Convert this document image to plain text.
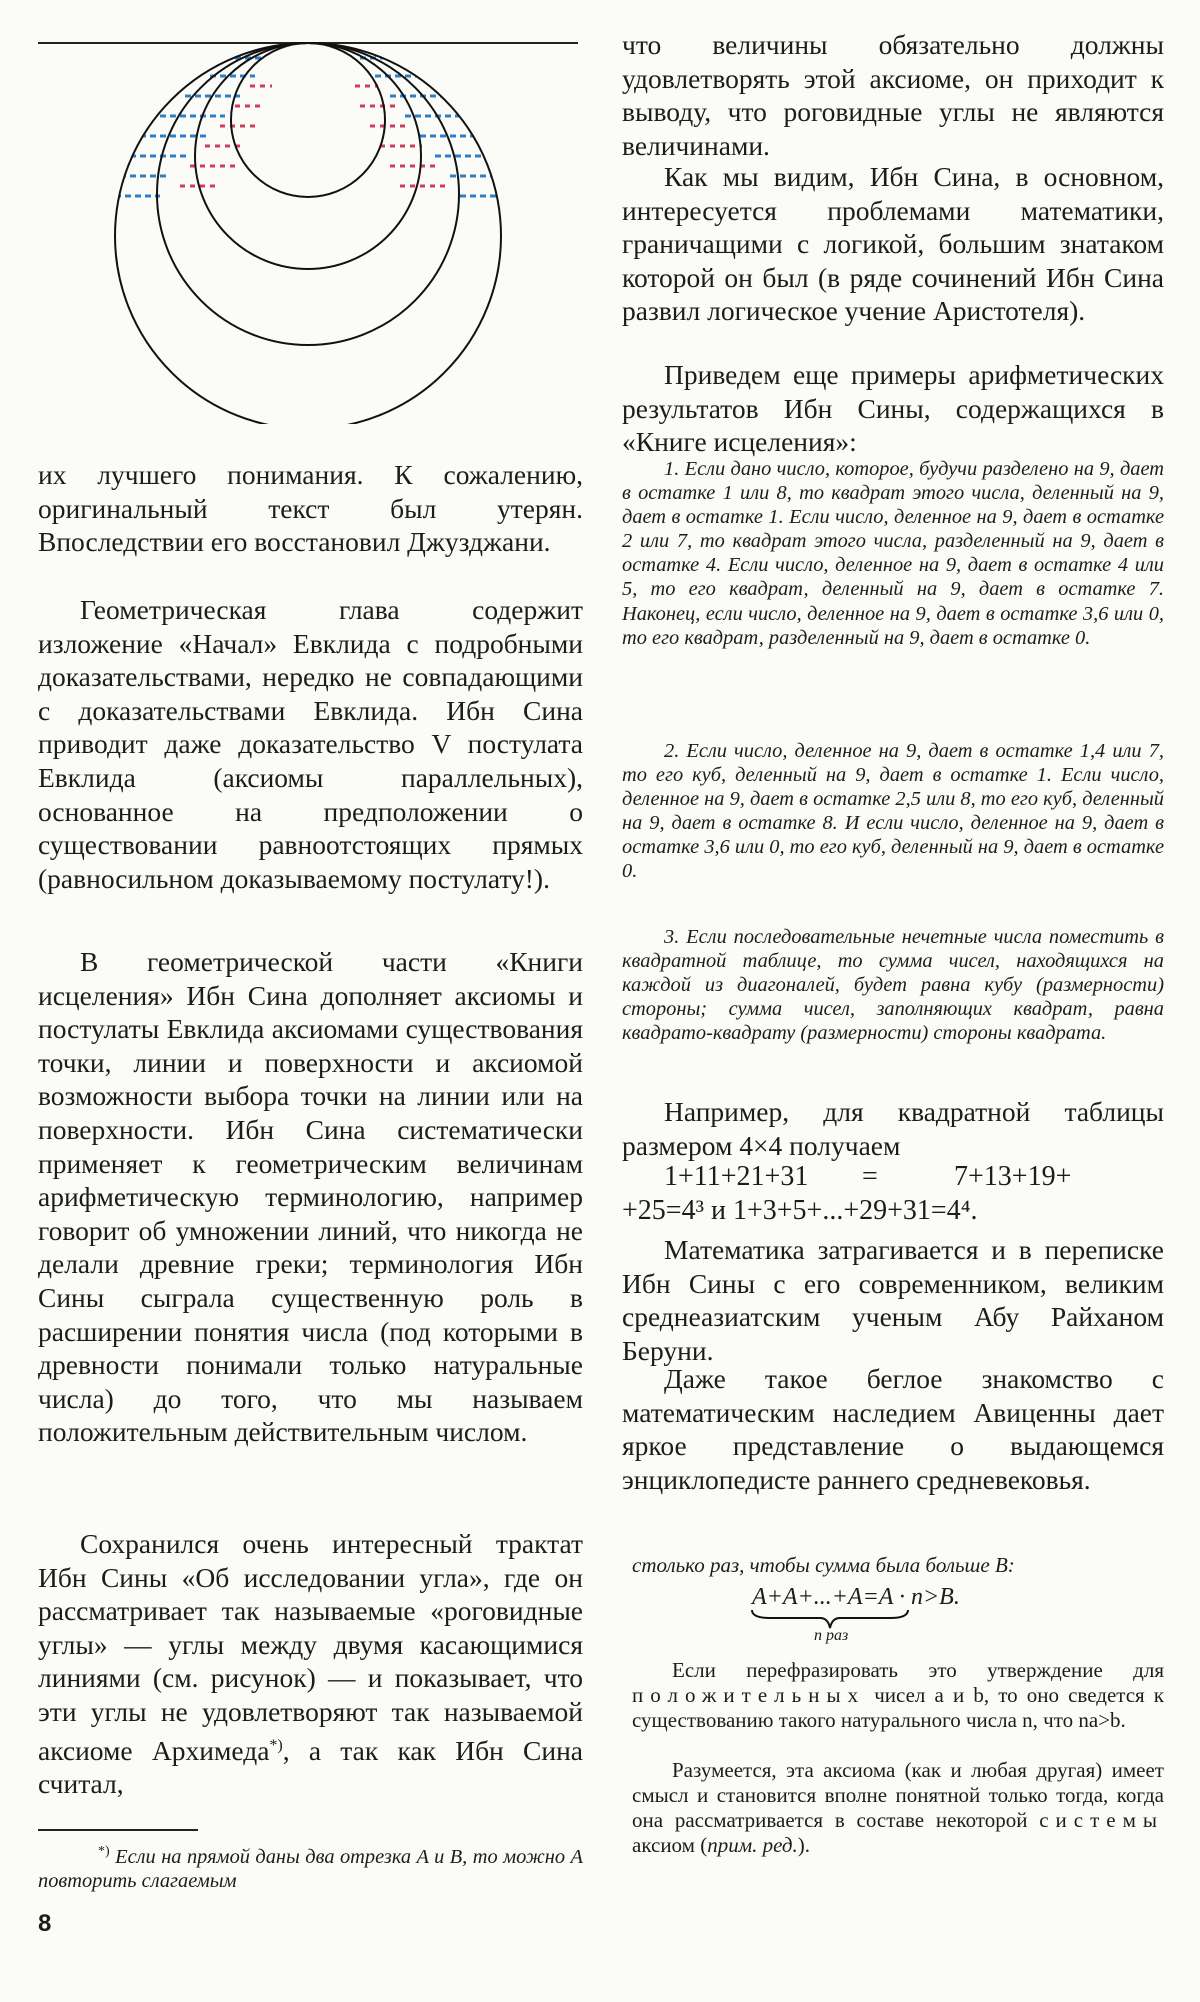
их лучшего понимания. К сожалению, оригинальный текст был утерян. Впоследствии его восстановил Джузджани.

Геометрическая глава содержит изложение «Начал» Евклида с подробными доказательствами, нередко не совпадающими с доказательствами Евклида. Ибн Сина приводит даже доказательство V постулата Евклида (аксиомы параллельных), основанное на предположении о существовании равноотстоящих прямых (равносильном доказываемому постулату!).

В геометрической части «Книги исцеления» Ибн Сина дополняет аксиомы и постулаты Евклида аксиомами существования точки, линии и поверхности и аксиомой возможности выбора точки на линии или на поверхности. Ибн Сина систематически применяет к геометрическим величинам арифметическую терминологию, например говорит об умножении линий, что никогда не делали древние греки; терминология Ибн Сины сыграла существенную роль в расширении понятия числа (под которыми в древности понимали только натуральные числа) до того, что мы называем положительным действительным числом.

Сохранился очень интересный трактат Ибн Сины «Об исследовании угла», где он рассматривает так называемые «роговидные углы» — углы между двумя касающимися линиями (см. рисунок) — и показывает, что эти углы не удовлетворяют так называемой аксиоме Архимеда*), а так как Ибн Сина считал,

*) Если на прямой даны два отрезка A и B, то можно A повторить слагаемым

что величины обязательно должны удовлетворять этой аксиоме, он приходит к выводу, что роговидные углы не являются величинами.

Как мы видим, Ибн Сина, в основном, интересуется проблемами математики, граничащими с логикой, большим знатаком которой он был (в ряде сочинений Ибн Сина развил логическое учение Аристотеля).

Приведем еще примеры арифметических результатов Ибн Сины, содержащихся в «Книге исцеления»:

1. Если дано число, которое, будучи разделено на 9, дает в остатке 1 или 8, то квадрат этого числа, деленный на 9, дает в остатке 1. Если число, деленное на 9, дает в остатке 2 или 7, то квадрат этого числа, разделенный на 9, дает в остатке 4. Если число, деленное на 9, дает в остатке 4 или 5, то его квадрат, деленный на 9, дает в остатке 7. Наконец, если число, деленное на 9, дает в остатке 3,6 или 0, то его квадрат, разделенный на 9, дает в остатке 0.

2. Если число, деленное на 9, дает в остатке 1,4 или 7, то его куб, деленный на 9, дает в остатке 1. Если число, деленное на 9, дает в остатке 2,5 или 8, то его куб, деленный на 9, дает в остатке 8. И если число, деленное на 9, дает в остатке 3,6 или 0, то его куб, деленный на 9, дает в остатке 0.

3. Если последовательные нечетные числа поместить в квадратной таблице, то сумма чисел, находящихся на каждой из диагоналей, будет равна кубу (размерности) стороны; сумма чисел, заполняющих квадрат, равна квадрато-квадрату (размерности) стороны квадрата.

Например, для квадратной таблицы размером 4×4 получаем

1+11+21+31 =	7+13+19+
+25=4³ и 1+3+5+...+29+31=4⁴.

Математика затрагивается и в переписке Ибн Сины с его современником, великим среднеазиатским ученым Абу Райханом Беруни.

Даже такое беглое знакомство с математическим наследием Авиценны дает яркое представление о выдающемся энциклопедисте раннего средневековья.

столько раз, чтобы сумма была больше B:

A+A+...+A=A · n>B.
n раз

Если перефразировать это утверждение для положительных чисел a и b, то оно сведется к существованию такого натурального числа n, что na>b.

Разумеется, эта аксиома (как и любая другая) имеет смысл и становится вполне понятной только тогда, когда она рассматривается в составе некоторой системы аксиом (прим. ред.).

8
